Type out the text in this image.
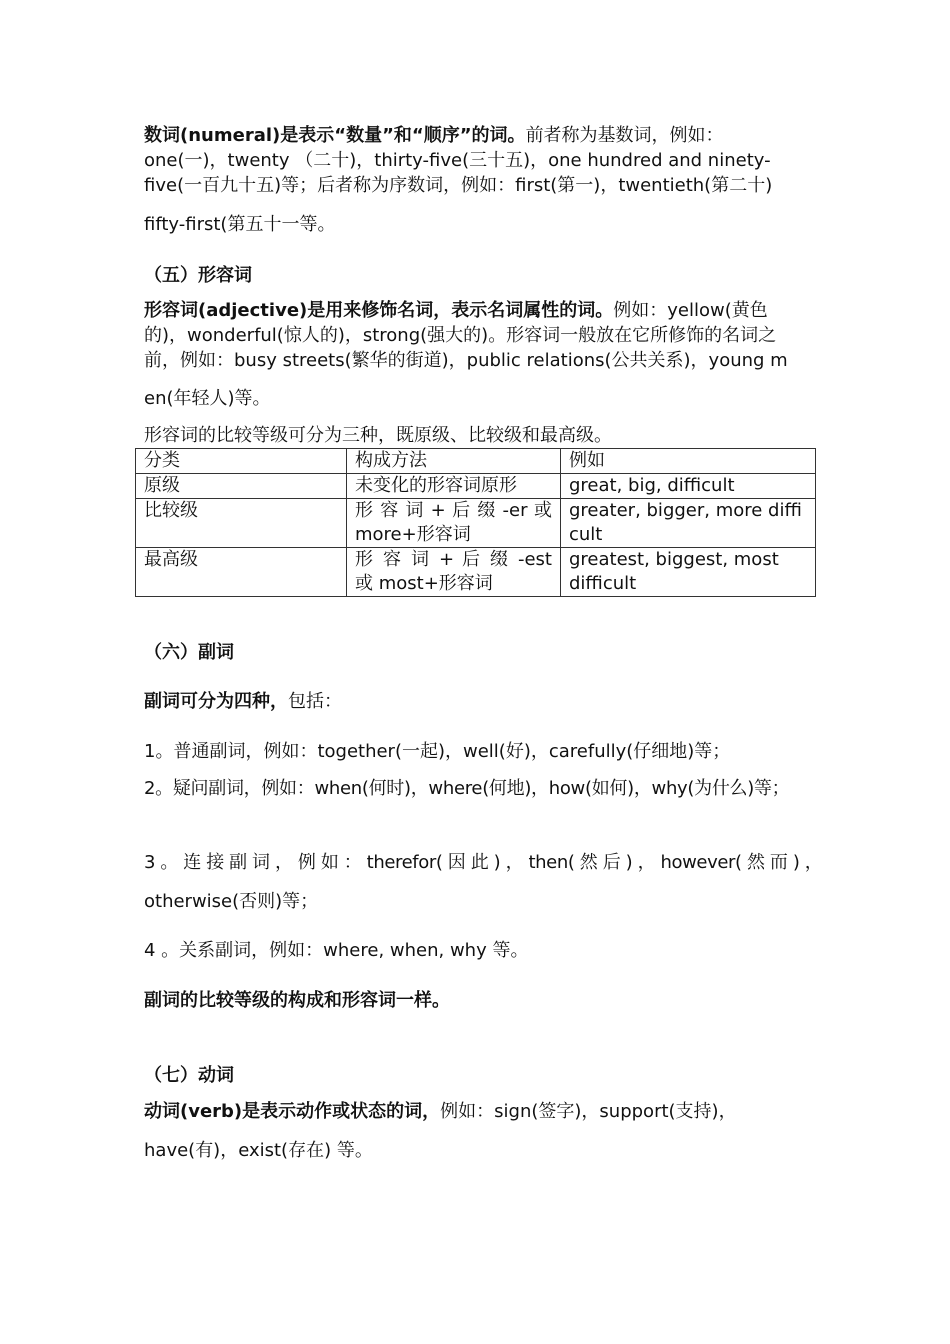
数词(numeral)是表示“数量”和“顺序”的词。前者称为基数词，例如：
one(一)，twenty （二十)，thirty-five(三十五)，one hundred and ninety-
five(一百九十五)等；后者称为序数词，例如：first(第一)，twentieth(第二十)
fifty-first(第五十一等。
（五）形容词
形容词(adjective)是用来修饰名词，表示名词属性的词。例如：yellow(黄色
的)，wonderful(惊人的)，strong(强大的)。形容词一般放在它所修饰的名词之
前，例如：busy streets(繁华的街道)，public relations(公共关系)，young m
en(年轻人)等。
形容词的比较等级可分为三种，既原级、比较级和最高级。
分类	构成方法	例如
原级	未变化的形容词原形	great, big, difficult
比较级	形 容 词 + 后 缀 -er 或 more+形容词	greater, bigger, more difficult
最高级	形 容 词 + 后 缀 -est 或 most+形容词	greatest, biggest, most difficult
（六）副词
副词可分为四种，包括：
1。普通副词，例如：together(一起)，well(好)，carefully(仔细地)等；
2。疑问副词，例如：when(何时)，where(何地)，how(如何)，why(为什么)等；
3 。 连 接 副 词 ， 例 如 ： therefor( 因 此 ) ， then( 然 后 ) ， however( 然 而 ) ，
otherwise(否则)等；
4 。关系副词，例如：where, when, why 等。
副词的比较等级的构成和形容词一样。
（七）动词
动词(verb)是表示动作或状态的词，例如：sign(签字)，support(支持)，
have(有)，exist(存在) 等。
